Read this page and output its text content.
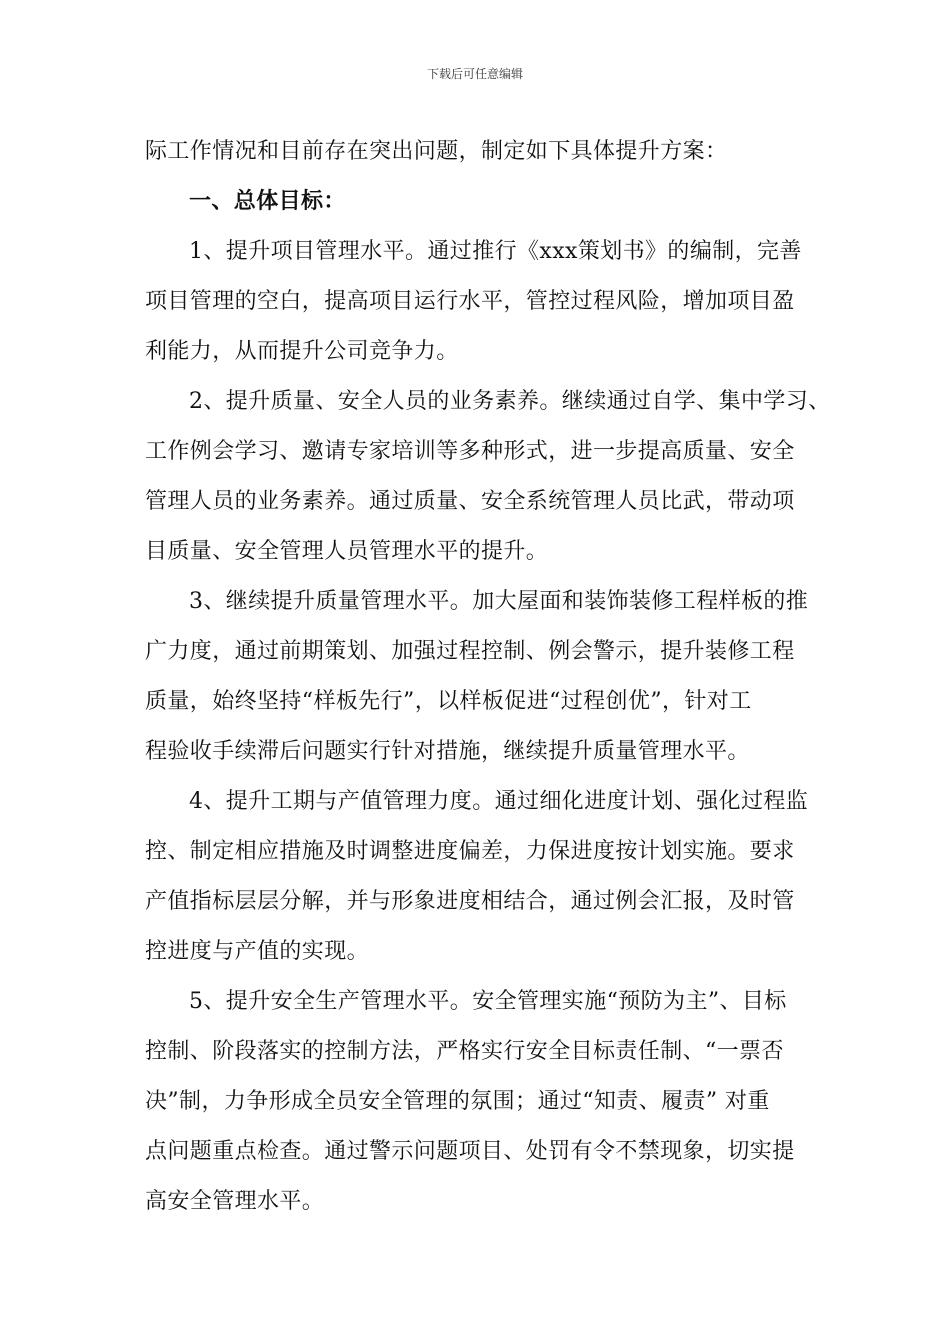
下载后可任意编辑
际工作情况和目前存在突出问题，制定如下具体提升方案：
一、总体目标：
1、提升项目管理水平。通过推行《xxx策划书》的编制，完善
项目管理的空白，提高项目运行水平，管控过程风险，增加项目盈
利能力，从而提升公司竞争力。
2、提升质量、安全人员的业务素养。继续通过自学、集中学习、
工作例会学习、邀请专家培训等多种形式，进一步提高质量、安全
管理人员的业务素养。通过质量、安全系统管理人员比武，带动项
目质量、安全管理人员管理水平的提升。
3、继续提升质量管理水平。加大屋面和装饰装修工程样板的推
广力度，通过前期策划、加强过程控制、例会警示，提升装修工程
质量，始终坚持“样板先行”，以样板促进“过程创优”，针对工
程验收手续滞后问题实行针对措施，继续提升质量管理水平。
4、提升工期与产值管理力度。通过细化进度计划、强化过程监
控、制定相应措施及时调整进度偏差，力保进度按计划实施。要求
产值指标层层分解，并与形象进度相结合，通过例会汇报，及时管
控进度与产值的实现。
5、提升安全生产管理水平。安全管理实施“预防为主”、目标
控制、阶段落实的控制方法，严格实行安全目标责任制、“一票否
决”制，力争形成全员安全管理的氛围；通过“知责、履责” 对重
点问题重点检查。通过警示问题项目、处罚有令不禁现象，切实提
高安全管理水平。
